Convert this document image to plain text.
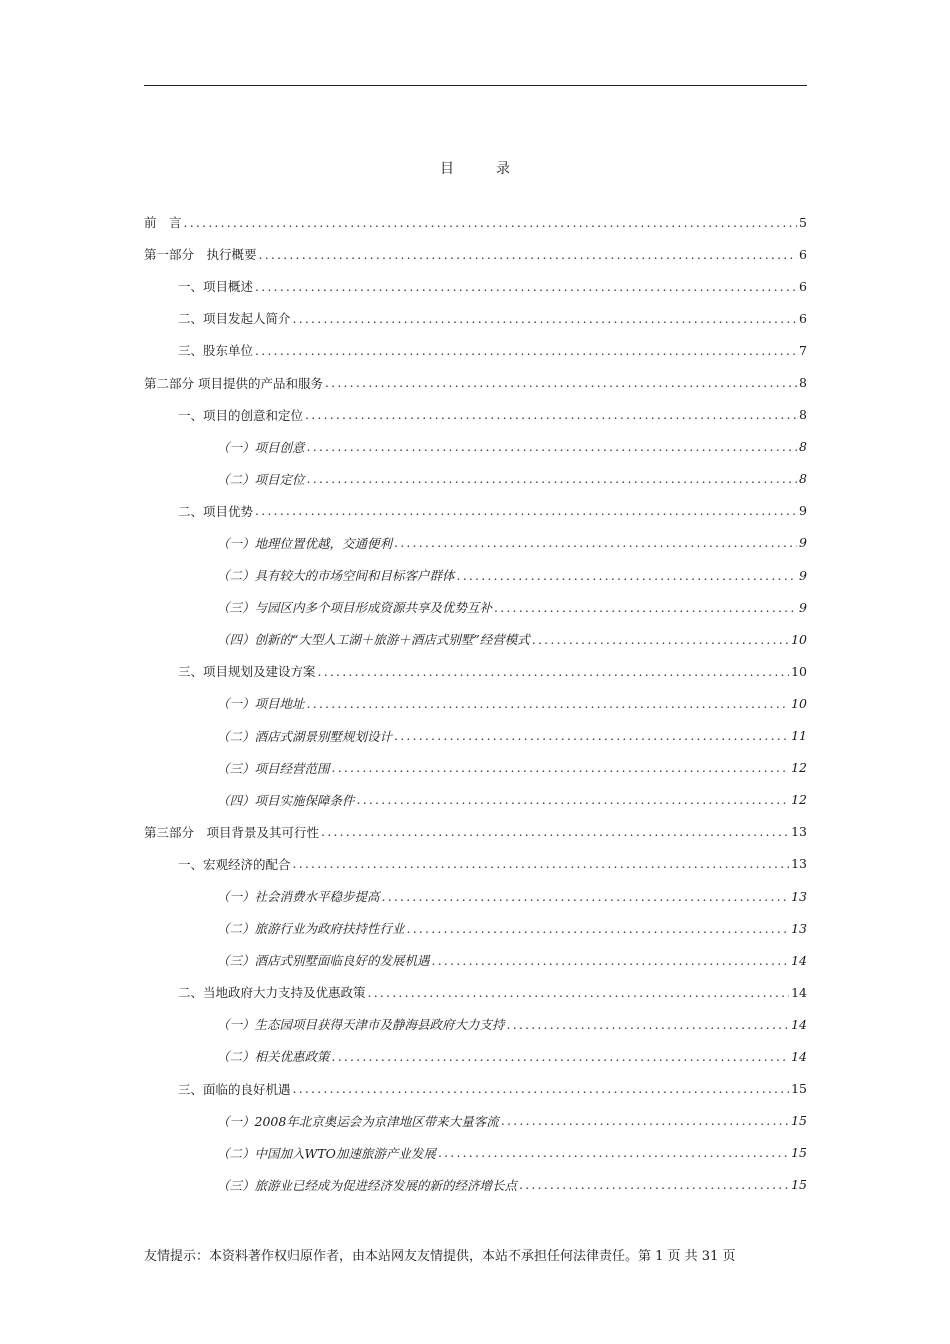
目　录
前　言 .....	5
第一部分　执行概要 .....	6
一、项目概述 .....	6
二、项目发起人简介 .....	6
三、股东单位 .....	7
第二部分 项目提供的产品和服务 .....	8
一、项目的创意和定位 .....	8
（一）项目创意 .....	8
（二）项目定位 .....	8
二、项目优势 .....	9
（一）地理位置优越，交通便利 .....	9
（二）具有较大的市场空间和目标客户群体 .....	9
（三）与园区内多个项目形成资源共享及优势互补 .....	9
（四）创新的“大型人工湖＋旅游＋酒店式别墅”经营模式 .....	10
三、项目规划及建设方案 .....	10
（一）项目地址 .....	10
（二）酒店式湖景别墅规划设计 .....	11
（三）项目经营范围 .....	12
（四）项目实施保障条件 .....	12
第三部分　项目背景及其可行性 .....	13
一、宏观经济的配合 .....	13
（一）社会消费水平稳步提高 .....	13
（二）旅游行业为政府扶持性行业 .....	13
（三）酒店式别墅面临良好的发展机遇 .....	14
二、当地政府大力支持及优惠政策 .....	14
（一）生态园项目获得天津市及静海县政府大力支持 .....	14
（二）相关优惠政策 .....	14
三、面临的良好机遇 .....	15
（一）2008年北京奥运会为京津地区带来大量客流 .....	15
（二）中国加入WTO加速旅游产业发展 .....	15
（三）旅游业已经成为促进经济发展的新的经济增长点 .....	15
友情提示：本资料著作权归原作者，由本站网友友情提供，本站不承担任何法律责任。第 1 页 共 31 页
